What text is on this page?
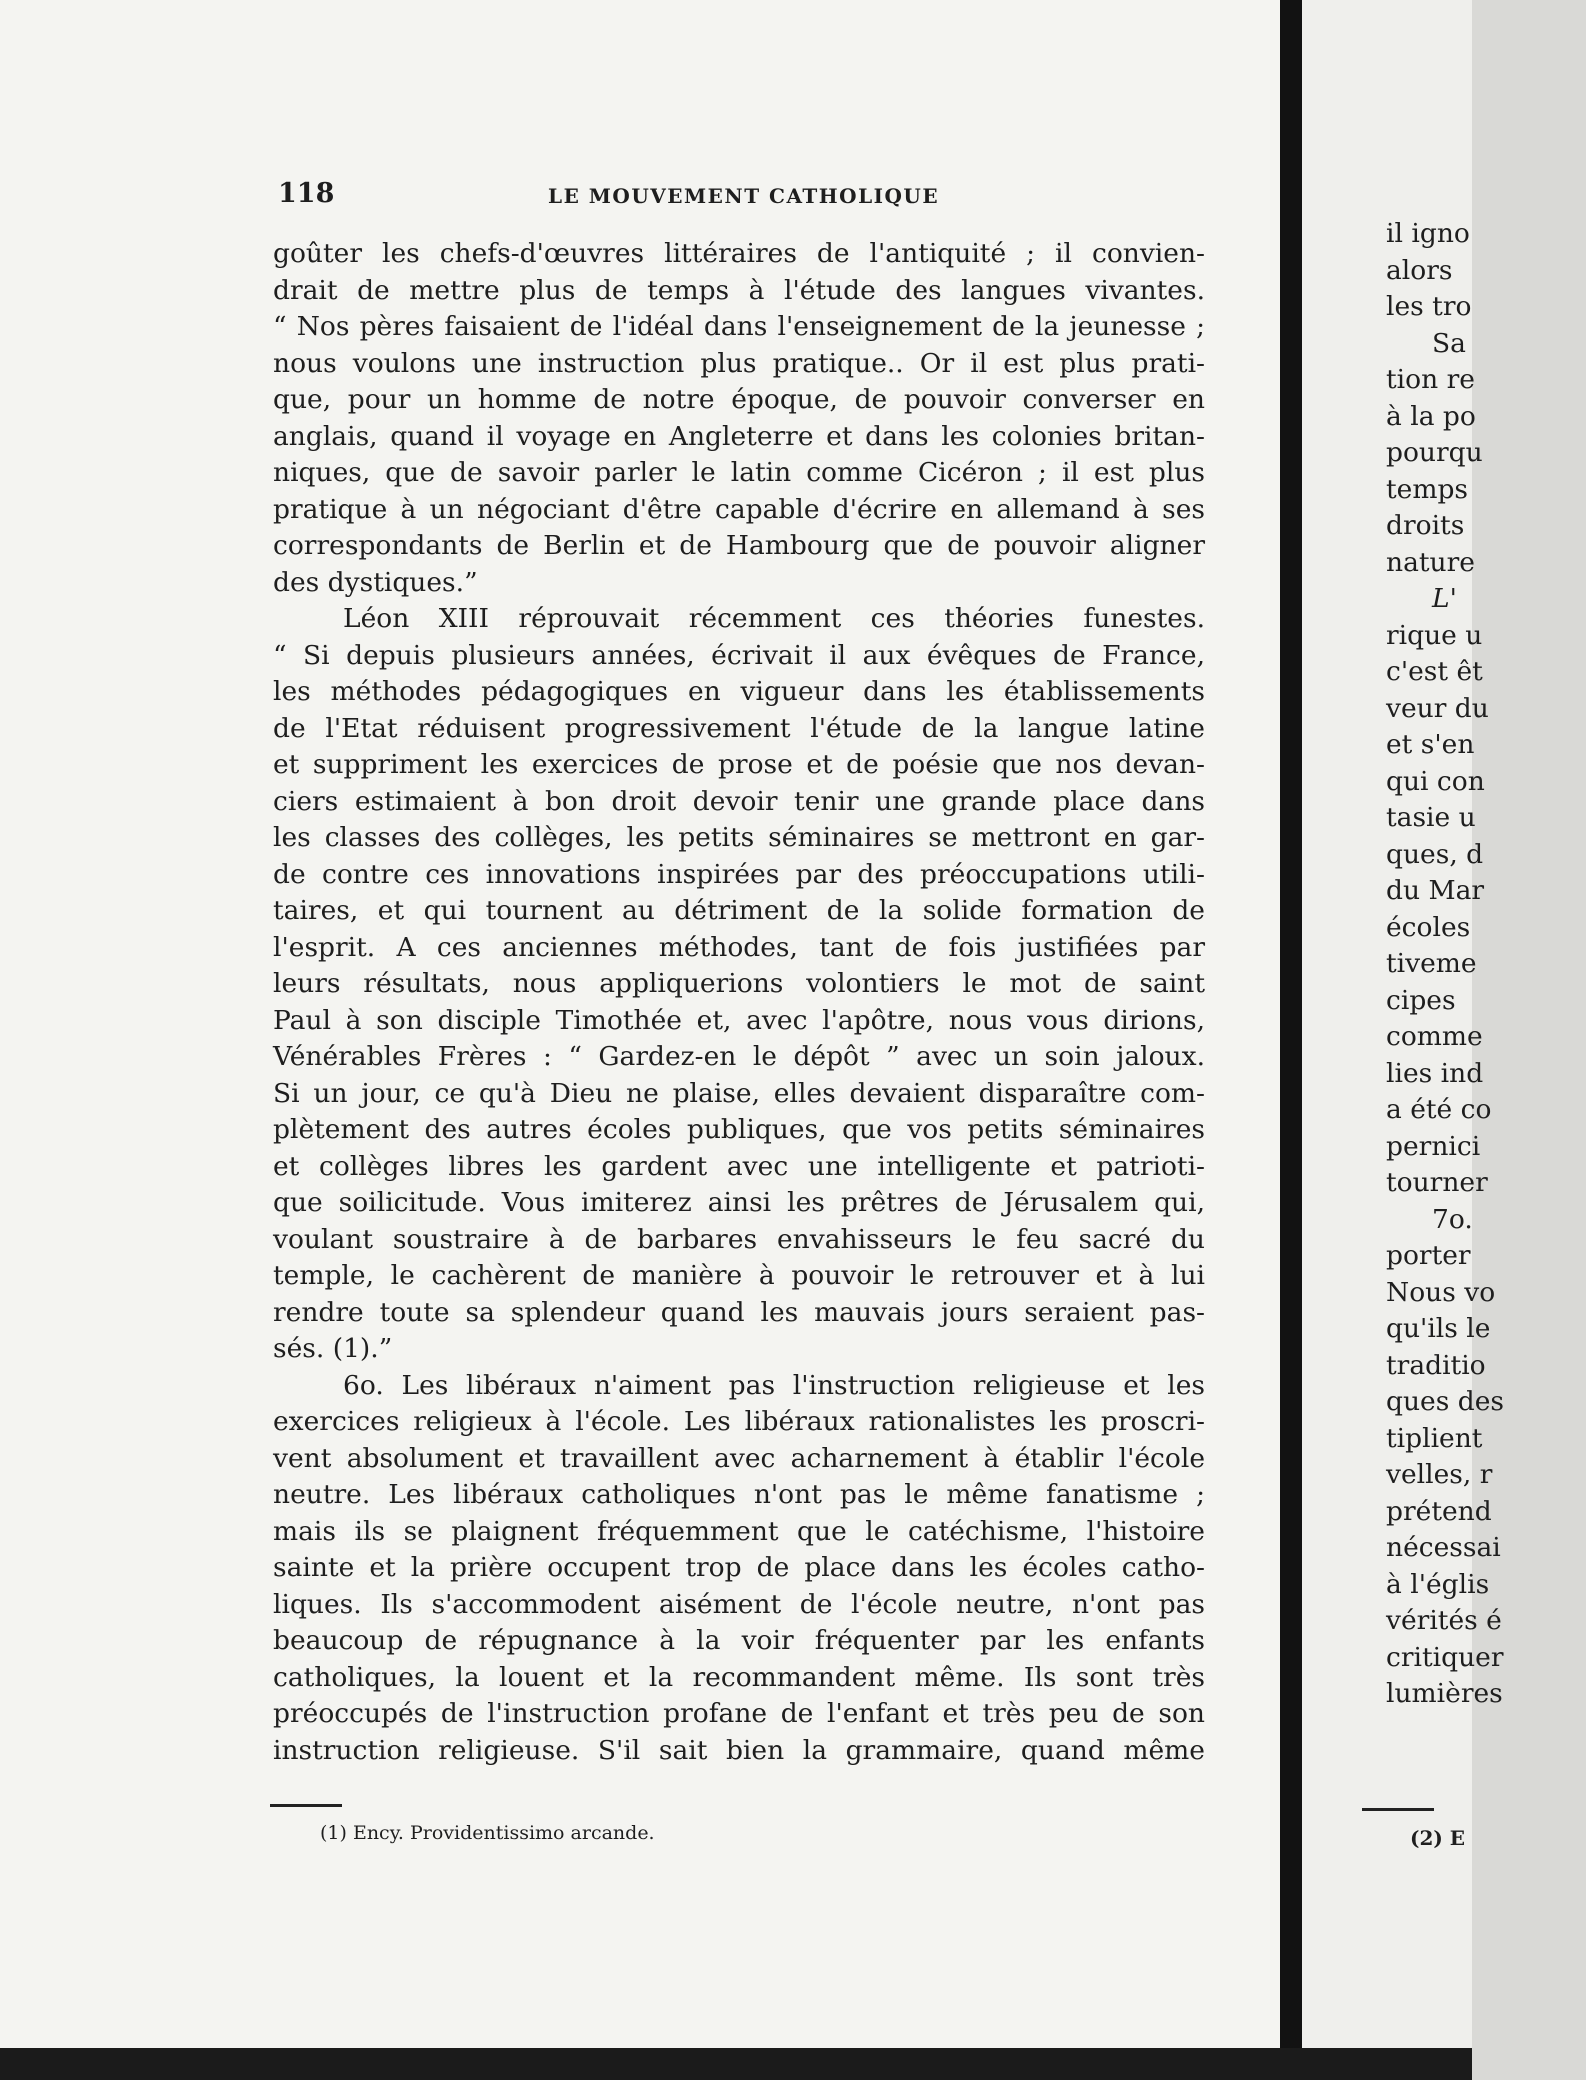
118	LE MOUVEMENT CATHOLIQUE
goûter les chefs-d'œuvres littéraires de l'antiquité ; il convien-
drait de mettre plus de temps à l'étude des langues vivantes.
“ Nos pères faisaient de l'idéal dans l'enseignement de la jeunesse ;
nous voulons une instruction plus pratique.. Or il est plus prati-
que, pour un homme de notre époque, de pouvoir converser en
anglais, quand il voyage en Angleterre et dans les colonies britan-
niques, que de savoir parler le latin comme Cicéron ; il est plus
pratique à un négociant d'être capable d'écrire en allemand à ses
correspondants de Berlin et de Hambourg que de pouvoir aligner
des dystiques.”
Léon XIII réprouvait récemment ces théories funestes.
“ Si depuis plusieurs années, écrivait il aux évêques de France,
les méthodes pédagogiques en vigueur dans les établissements
de l'Etat réduisent progressivement l'étude de la langue latine
et suppriment les exercices de prose et de poésie que nos devan-
ciers estimaient à bon droit devoir tenir une grande place dans
les classes des collèges, les petits séminaires se mettront en gar-
de contre ces innovations inspirées par des préoccupations utili-
taires, et qui tournent au détriment de la solide formation de
l'esprit. A ces anciennes méthodes, tant de fois justifiées par
leurs résultats, nous appliquerions volontiers le mot de saint
Paul à son disciple Timothée et, avec l'apôtre, nous vous dirions,
Vénérables Frères : “ Gardez-en le dépôt ” avec un soin jaloux.
Si un jour, ce qu'à Dieu ne plaise, elles devaient disparaître com-
plètement des autres écoles publiques, que vos petits séminaires
et collèges libres les gardent avec une intelligente et patrioti-
que soilicitude. Vous imiterez ainsi les prêtres de Jérusalem qui,
voulant soustraire à de barbares envahisseurs le feu sacré du
temple, le cachèrent de manière à pouvoir le retrouver et à lui
rendre toute sa splendeur quand les mauvais jours seraient pas-
sés. (1).”
6o. Les libéraux n'aiment pas l'instruction religieuse et les
exercices religieux à l'école. Les libéraux rationalistes les proscri-
vent absolument et travaillent avec acharnement à établir l'école
neutre. Les libéraux catholiques n'ont pas le même fanatisme ;
mais ils se plaignent fréquemment que le catéchisme, l'histoire
sainte et la prière occupent trop de place dans les écoles catho-
liques. Ils s'accommodent aisément de l'école neutre, n'ont pas
beaucoup de répugnance à la voir fréquenter par les enfants
catholiques, la louent et la recommandent même. Ils sont très
préoccupés de l'instruction profane de l'enfant et très peu de son
instruction religieuse. S'il sait bien la grammaire, quand même
(1) Ency. Providentissimo arcande.
il igno
alors
les tro
Sa
tion re
à la po
pourqu
temps
droits
nature
L'
rique u
c'est êt
veur du
et s'en
qui con
tasie u
ques, d
du Mar
écoles
tiveme
cipes
comme
lies ind
a été co
pernici
tourner
7o.
porter
Nous vo
qu'ils le
traditio
ques des
tiplient
velles, r
prétend
nécessai
à l'églis
vérités é
critiquer
lumières
(2) E
